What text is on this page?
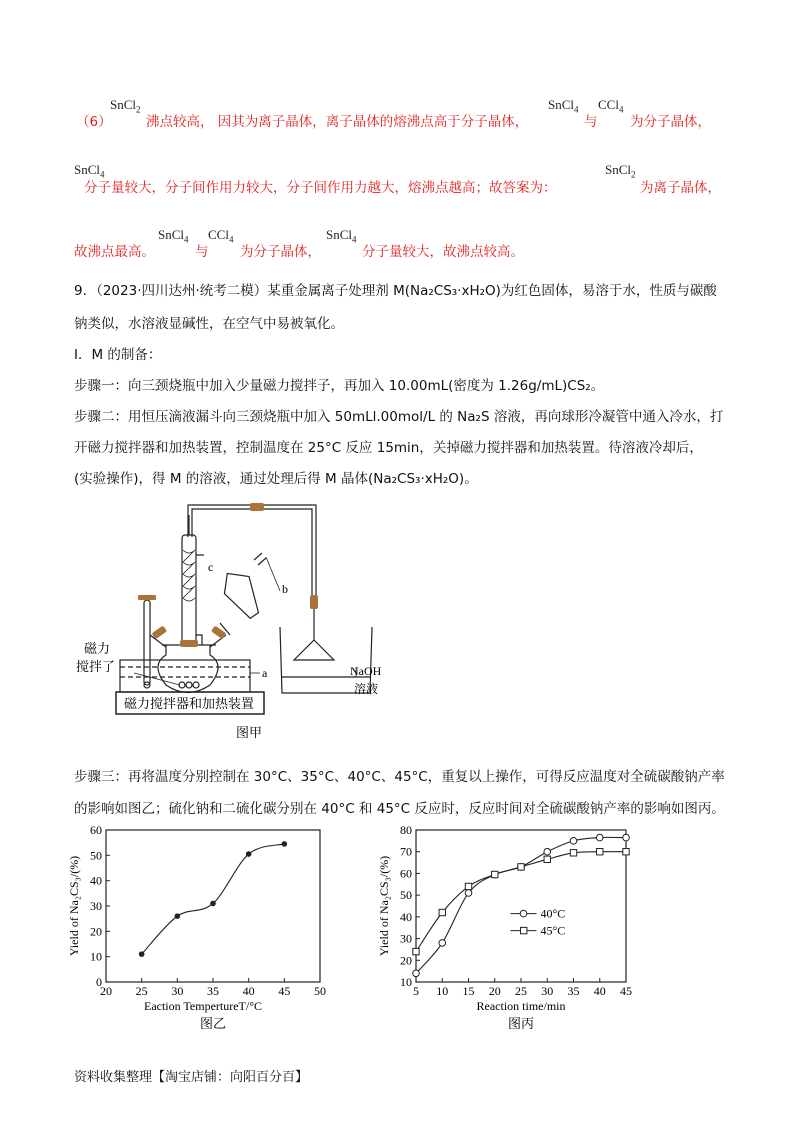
（6）
SnCl$_2$
沸点较高， 因其为离子晶体，离子晶体的熔沸点高于分子晶体，
SnCl$_4$
与
CCl$_4$
为分子晶体，
SnCl$_4$
分子量较大，分子间作用力较大，分子间作用力越大，熔沸点越高；故答案为：
SnCl$_2$
为离子晶体，
故沸点最高。
SnCl$_4$
与
CCl$_4$
为分子晶体，
SnCl$_4$
分子量较大，故沸点较高。
9．（2023·四川达州·统考二模）某重金属离子处理剂 M(Na₂CS₃·xH₂O)为红色固体，易溶于水，性质与碳酸
钠类似，水溶液显碱性，在空气中易被氧化。
Ⅰ．M 的制备：
步骤一：向三颈烧瓶中加入少量磁力搅拌子，再加入 10.00mL(密度为 1.26g/mL)CS₂。
步骤二：用恒压滴液漏斗向三颈烧瓶中加入 50mLl.00mol/L 的 Na₂S 溶液，再向球形冷凝管中通入冷水，打
开磁力搅拌器和加热装置，控制温度在 25°C 反应 15min，关掉磁力搅拌器和加热装置。待溶液冷却后，
(实验操作)，得 M 的溶液，通过处理后得 M 晶体(Na₂CS₃·xH₂O)。
c
b
a
磁力
搅拌了
磁力搅拌器和加热装置
NaOH
溶液
图甲
步骤三：再将温度分别控制在 30°C、35°C、40°C、45°C，重复以上操作，可得反应温度对全硫碳酸钠产率
的影响如图乙；硫化钠和二硫化碳分别在 40°C 和 45°C 反应时，反应时间对全硫碳酸钠产率的影响如图丙。
20 25 30 35 40 45 50
0
10
20
30
40
50
60
Eaction TempertureT/°C
Yield of Na₂CS₃/(%)
图乙
5 10 15 20 25 30 35 40 45
10
20
30
40
50
60
70
80
Reaction time/min
Yield of Na₂CS₃/(%)
图丙
40°C
45°C
资料收集整理【淘宝店铺：向阳百分百】
